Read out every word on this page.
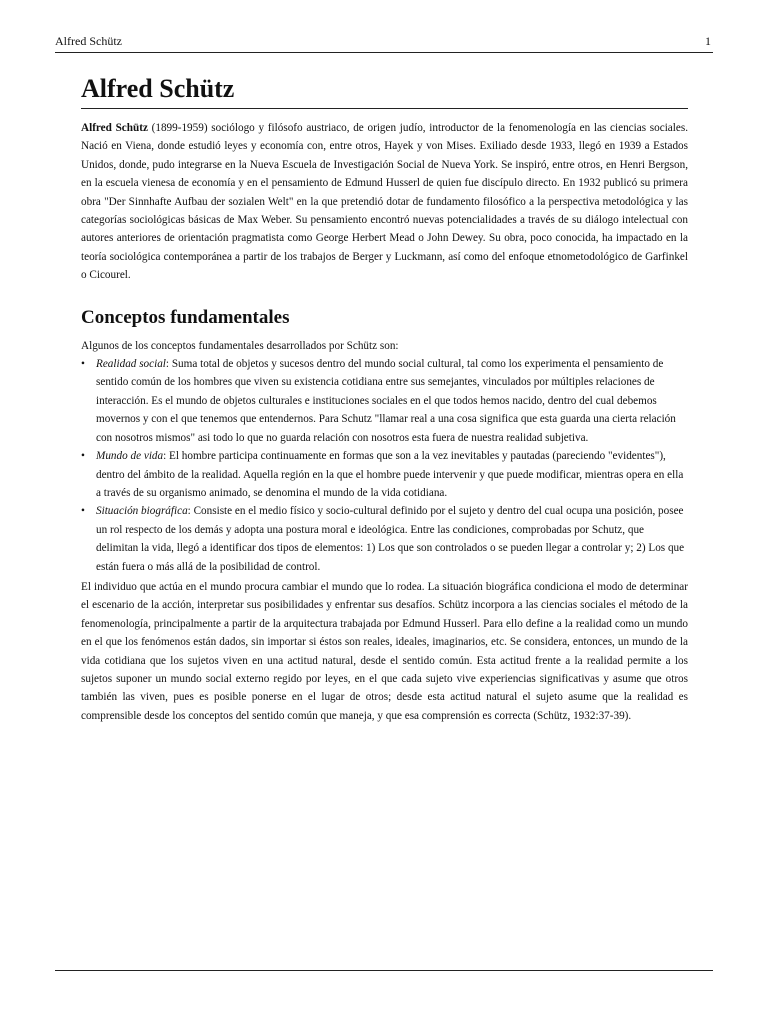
Alfred Schütz	1
Alfred Schütz

Alfred Schütz (1899-1959) sociólogo y filósofo austriaco, de origen judío, introductor de la fenomenología en las ciencias sociales. Nació en Viena, donde estudió leyes y economía con, entre otros, Hayek y von Mises. Exiliado desde 1933, llegó en 1939 a Estados Unidos, donde, pudo integrarse en la Nueva Escuela de Investigación Social de Nueva York. Se inspiró, entre otros, en Henri Bergson, en la escuela vienesa de economía y en el pensamiento de Edmund Husserl de quien fue discípulo directo. En 1932 publicó su primera obra "Der Sinnhafte Aufbau der sozialen Welt" en la que pretendió dotar de fundamento filosófico a la perspectiva metodológica y las categorías sociológicas básicas de Max Weber. Su pensamiento encontró nuevas potencialidades a través de su diálogo intelectual con autores anteriores de orientación pragmatista como George Herbert Mead o John Dewey. Su obra, poco conocida, ha impactado en la teoría sociológica contemporánea a partir de los trabajos de Berger y Luckmann, así como del enfoque etnometodológico de Garfinkel o Cicourel.

Conceptos fundamentales

Algunos de los conceptos fundamentales desarrollados por Schütz son:

• Realidad social: Suma total de objetos y sucesos dentro del mundo social cultural, tal como los experimenta el pensamiento de sentido común de los hombres que viven su existencia cotidiana entre sus semejantes, vinculados por múltiples relaciones de interacción. Es el mundo de objetos culturales e instituciones sociales en el que todos hemos nacido, dentro del cual debemos movernos y con el que tenemos que entendernos. Para Schutz "llamar real a una cosa significa que esta guarda una cierta relación con nosotros mismos" asi todo lo que no guarda relación con nosotros esta fuera de nuestra realidad subjetiva.
• Mundo de vida: El hombre participa continuamente en formas que son a la vez inevitables y pautadas (pareciendo "evidentes"), dentro del ámbito de la realidad. Aquella región en la que el hombre puede intervenir y que puede modificar, mientras opera en ella a través de su organismo animado, se denomina el mundo de la vida cotidiana.
• Situación biográfica: Consiste en el medio físico y socio-cultural definido por el sujeto y dentro del cual ocupa una posición, posee un rol respecto de los demás y adopta una postura moral e ideológica. Entre las condiciones, comprobadas por Schutz, que delimitan la vida, llegó a identificar dos tipos de elementos: 1) Los que son controlados o se pueden llegar a controlar y; 2) Los que están fuera o más allá de la posibilidad de control.

El individuo que actúa en el mundo procura cambiar el mundo que lo rodea. La situación biográfica condiciona el modo de determinar el escenario de la acción, interpretar sus posibilidades y enfrentar sus desafíos. Schütz incorpora a las ciencias sociales el método de la fenomenología, principalmente a partir de la arquitectura trabajada por Edmund Husserl. Para ello define a la realidad como un mundo en el que los fenómenos están dados, sin importar si éstos son reales, ideales, imaginarios, etc. Se considera, entonces, un mundo de la vida cotidiana que los sujetos viven en una actitud natural, desde el sentido común. Esta actitud frente a la realidad permite a los sujetos suponer un mundo social externo regido por leyes, en el que cada sujeto vive experiencias significativas y asume que otros también las viven, pues es posible ponerse en el lugar de otros; desde esta actitud natural el sujeto asume que la realidad es comprensible desde los conceptos del sentido común que maneja, y que esa comprensión es correcta (Schütz, 1932:37-39).
